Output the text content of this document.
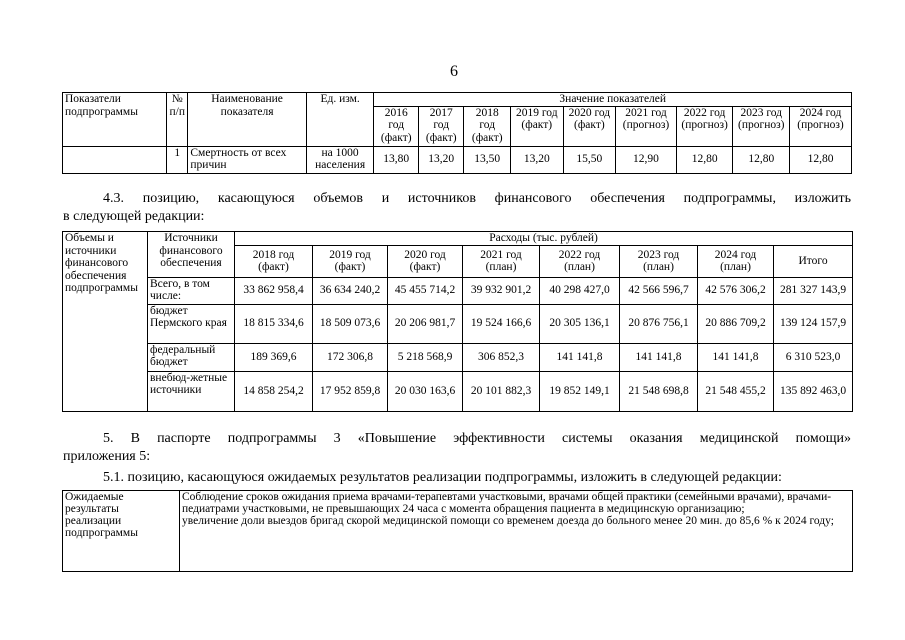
6
Показатели подпрограммы	№ п/п	Наименование показателя	Ед. изм.	Значение показателей								
				2016 год (факт)	2017 год (факт)	2018 год (факт)	2019 год (факт)	2020 год (факт)	2021 год (прогноз)	2022 год (прогноз)	2023 год (прогноз)	2024 год (прогноз)
	1	Смертность от всех причин	на 1000 населения	13,80	13,20	13,50	13,20	15,50	12,90	12,80	12,80	12,80
4.3. позицию, касающуюся объемов и источников финансового обеспечения подпрограммы, изложить
в следующей редакции:
Объемы и источники финансового обеспечения подпрограммы	Источники финансового обеспечения	Расходы (тыс. рублей)							
		2018 год (факт)	2019 год (факт)	2020 год (факт)	2021 год (план)	2022 год (план)	2023 год (план)	2024 год (план)	Итого
	Всего, в том числе:	33 862 958,4	36 634 240,2	45 455 714,2	39 932 901,2	40 298 427,0	42 566 596,7	42 576 306,2	281 327 143,9
	бюджет Пермского края	18 815 334,6	18 509 073,6	20 206 981,7	19 524 166,6	20 305 136,1	20 876 756,1	20 886 709,2	139 124 157,9
	федеральный бюджет	189 369,6	172 306,8	5 218 568,9	306 852,3	141 141,8	141 141,8	141 141,8	6 310 523,0
	внебюд-жетные источники	14 858 254,2	17 952 859,8	20 030 163,6	20 101 882,3	19 852 149,1	21 548 698,8	21 548 455,2	135 892 463,0
5. В паспорте подпрограммы 3 «Повышение эффективности системы оказания медицинской помощи»
приложения 5:
5.1. позицию, касающуюся ожидаемых результатов реализации подпрограммы, изложить в следующей редакции:
Ожидаемые результаты реализации подпрограммы	
Соблюдение сроков ожидания приема врачами-терапевтами участковыми, врачами общей практики (семейными врачами), врачами-педиатрами участковыми, не превышающих 24 часа с момента обращения пациента в медицинскую организацию;
увеличение доли выездов бригад скорой медицинской помощи со временем доезда до больного менее 20 мин. до 85,6 % к 2024 году;
